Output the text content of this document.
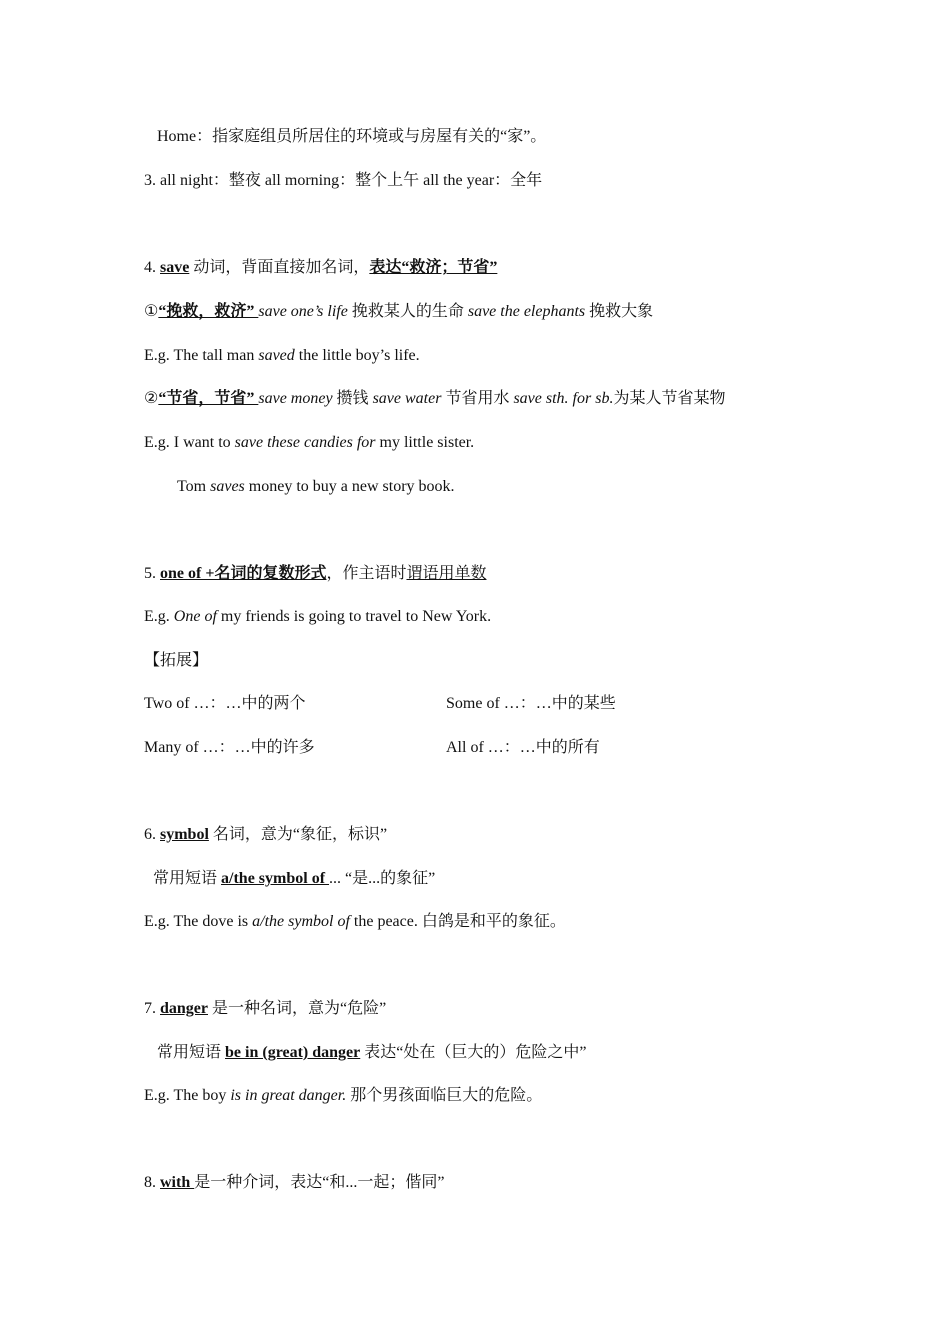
Home：指家庭组员所居住的环境或与房屋有关的“家”。
3. all night：整夜 all morning：整个上午 all the year：全年
4. save 动词，背面直接加名词，表达“救济；节省”
①“挽救，救济” save one’s life 挽救某人的生命 save the elephants 挽救大象
E.g. The tall man saved the little boy’s life.
②“节省，节省” save money 攒钱 save water 节省用水 save sth. for sb.为某人节省某物
E.g. I want to save these candies for my little sister.
Tom saves money to buy a new story book.
5. one of +名词的复数形式，作主语时谓语用单数
E.g. One of my friends is going to travel to New York.
【拓展】
Two of …：…中的两个	Some of …：…中的某些
Many of …：…中的许多	All of …：…中的所有
6. symbol 名词，意为“象征，标识”
常用短语 a/the symbol of ... “是...的象征”
E.g. The dove is a/the symbol of the peace. 白鸽是和平的象征。
7. danger 是一种名词，意为“危险”
常用短语 be in (great) danger 表达“处在（巨大的）危险之中”
E.g. The boy is in great danger. 那个男孩面临巨大的危险。
8. with 是一种介词，表达“和...一起；偕同”
